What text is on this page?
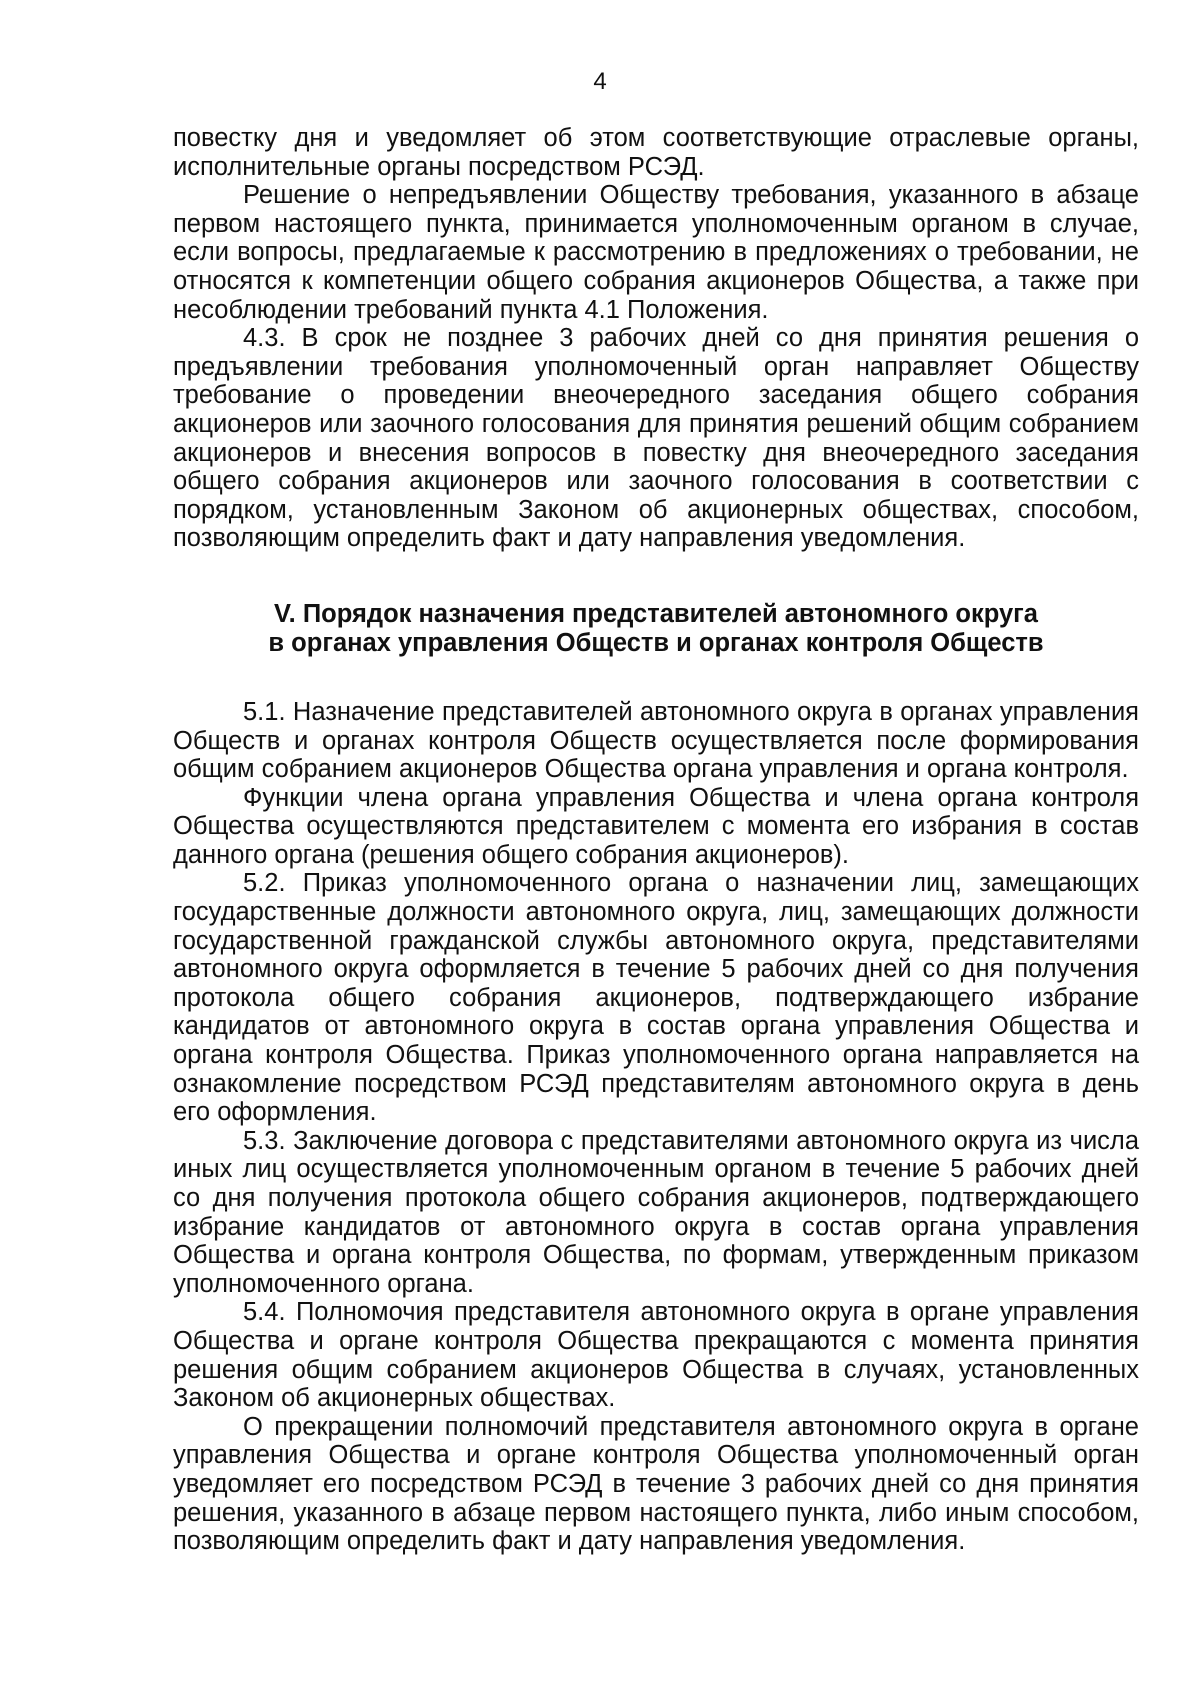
4

повестку дня и уведомляет об этом соответствующие отраслевые органы, исполнительные органы посредством РСЭД.

Решение о непредъявлении Обществу требования, указанного в абзаце первом настоящего пункта, принимается уполномоченным органом в случае, если вопросы, предлагаемые к рассмотрению в предложениях о требовании, не относятся к компетенции общего собрания акционеров Общества, а также при несоблюдении требований пункта 4.1 Положения.

4.3. В срок не позднее 3 рабочих дней со дня принятия решения о предъявлении требования уполномоченный орган направляет Обществу требование о проведении внеочередного заседания общего собрания акционеров или заочного голосования для принятия решений общим собранием акционеров и внесения вопросов в повестку дня внеочередного заседания общего собрания акционеров или заочного голосования в соответствии с порядком, установленным Законом об акционерных обществах, способом, позволяющим определить факт и дату направления уведомления.

V. Порядок назначения представителей автономного округа
в органах управления Обществ и органах контроля Обществ

5.1. Назначение представителей автономного округа в органах управления Обществ и органах контроля Обществ осуществляется после формирования общим собранием акционеров Общества органа управления и органа контроля.

Функции члена органа управления Общества и члена органа контроля Общества осуществляются представителем с момента его избрания в состав данного органа (решения общего собрания акционеров).

5.2. Приказ уполномоченного органа о назначении лиц, замещающих государственные должности автономного округа, лиц, замещающих должности государственной гражданской службы автономного округа, представителями автономного округа оформляется в течение 5 рабочих дней со дня получения протокола общего собрания акционеров, подтверждающего избрание кандидатов от автономного округа в состав органа управления Общества и органа контроля Общества. Приказ уполномоченного органа направляется на ознакомление посредством РСЭД представителям автономного округа в день его оформления.

5.3. Заключение договора с представителями автономного округа из числа иных лиц осуществляется уполномоченным органом в течение 5 рабочих дней со дня получения протокола общего собрания акционеров, подтверждающего избрание кандидатов от автономного округа в состав органа управления Общества и органа контроля Общества, по формам, утвержденным приказом уполномоченного органа.

5.4. Полномочия представителя автономного округа в органе управления Общества и органе контроля Общества прекращаются с момента принятия решения общим собранием акционеров Общества в случаях, установленных Законом об акционерных обществах.

О прекращении полномочий представителя автономного округа в органе управления Общества и органе контроля Общества уполномоченный орган уведомляет его посредством РСЭД в течение 3 рабочих дней со дня принятия решения, указанного в абзаце первом настоящего пункта, либо иным способом, позволяющим определить факт и дату направления уведомления.
